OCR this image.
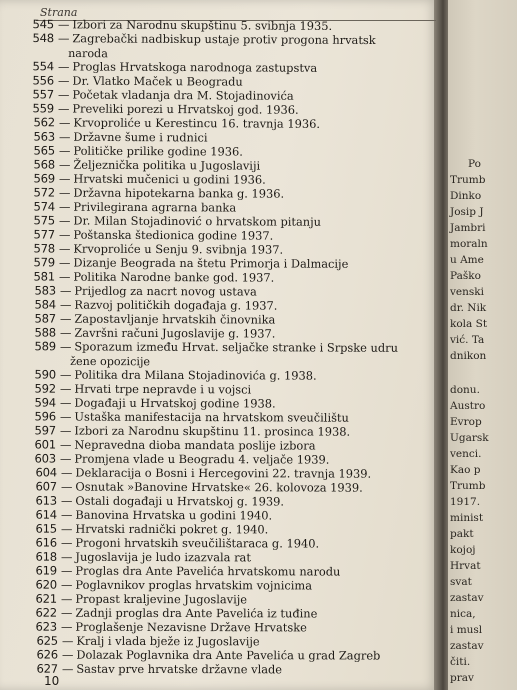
Po
Trumb
Dinko
Josip J
Jambri
moraln
u Ame
Paško
venski
dr. Nik
kola St
vić. Ta
dnikon
donu.
Austro
Evrop
Ugarsk
venci.
Kao p
Trumb
1917.
minist
pakt
kojoj
Hrvat
svat
zastav
nica,
i musl
zastav
čiti.
prav
Strana
545 — Izbori za Narodnu skupštinu 5. svibnja 1935.
548 — Zagrebački nadbiskup ustaje protiv progona hrvatsk
naroda
554 — Proglas Hrvatskoga narodnoga zastupstva
556 — Dr. Vlatko Maček u Beogradu
557 — Početak vladanja dra M. Stojadinovića
559 — Preveliki porezi u Hrvatskoj god. 1936.
562 — Krvoproliće u Kerestincu 16. travnja 1936.
563 — Državne šume i rudnici
565 — Političke prilike godine 1936.
568 — Željeznička politika u Jugoslaviji
569 — Hrvatski mučenici u godini 1936.
572 — Državna hipotekarna banka g. 1936.
574 — Privilegirana agrarna banka
575 — Dr. Milan Stojadinović o hrvatskom pitanju
577 — Poštanska štedionica godine 1937.
578 — Krvoproliće u Senju 9. svibnja 1937.
579 — Dizanje Beograda na štetu Primorja i Dalmacije
581 — Politika Narodne banke god. 1937.
583 — Prijedlog za nacrt novog ustava
584 — Razvoj političkih događaja g. 1937.
587 — Zapostavljanje hrvatskih činovnika
588 — Završni računi Jugoslavije g. 1937.
589 — Sporazum između Hrvat. seljačke stranke i Srpske udru
žene opozicije
590 — Politika dra Milana Stojadinovića g. 1938.
592 — Hrvati trpe nepravde i u vojsci
594 — Događaji u Hrvatskoj godine 1938.
596 — Ustaška manifestacija na hrvatskom sveučilištu
597 — Izbori za Narodnu skupštinu 11. prosinca 1938.
601 — Nepravedna dioba mandata poslije izbora
603 — Promjena vlade u Beogradu 4. veljače 1939.
604 — Deklaracija o Bosni i Hercegovini 22. travnja 1939.
607 — Osnutak »Banovine Hrvatske« 26. kolovoza 1939.
613 — Ostali događaji u Hrvatskoj g. 1939.
614 — Banovina Hrvatska u godini 1940.
615 — Hrvatski radnički pokret g. 1940.
616 — Progoni hrvatskih sveučilištaraca g. 1940.
618 — Jugoslavija je ludo izazvala rat
619 — Proglas dra Ante Pavelića hrvatskomu narodu
620 — Poglavnikov proglas hrvatskim vojnicima
621 — Propast kraljevine Jugoslavije
622 — Zadnji proglas dra Ante Pavelića iz tuđine
623 — Proglašenje Nezavisne Države Hrvatske
625 — Kralj i vlada bježe iz Jugoslavije
626 — Dolazak Poglavnika dra Ante Pavelića u grad Zagreb
627 — Sastav prve hrvatske državne vlade
10
